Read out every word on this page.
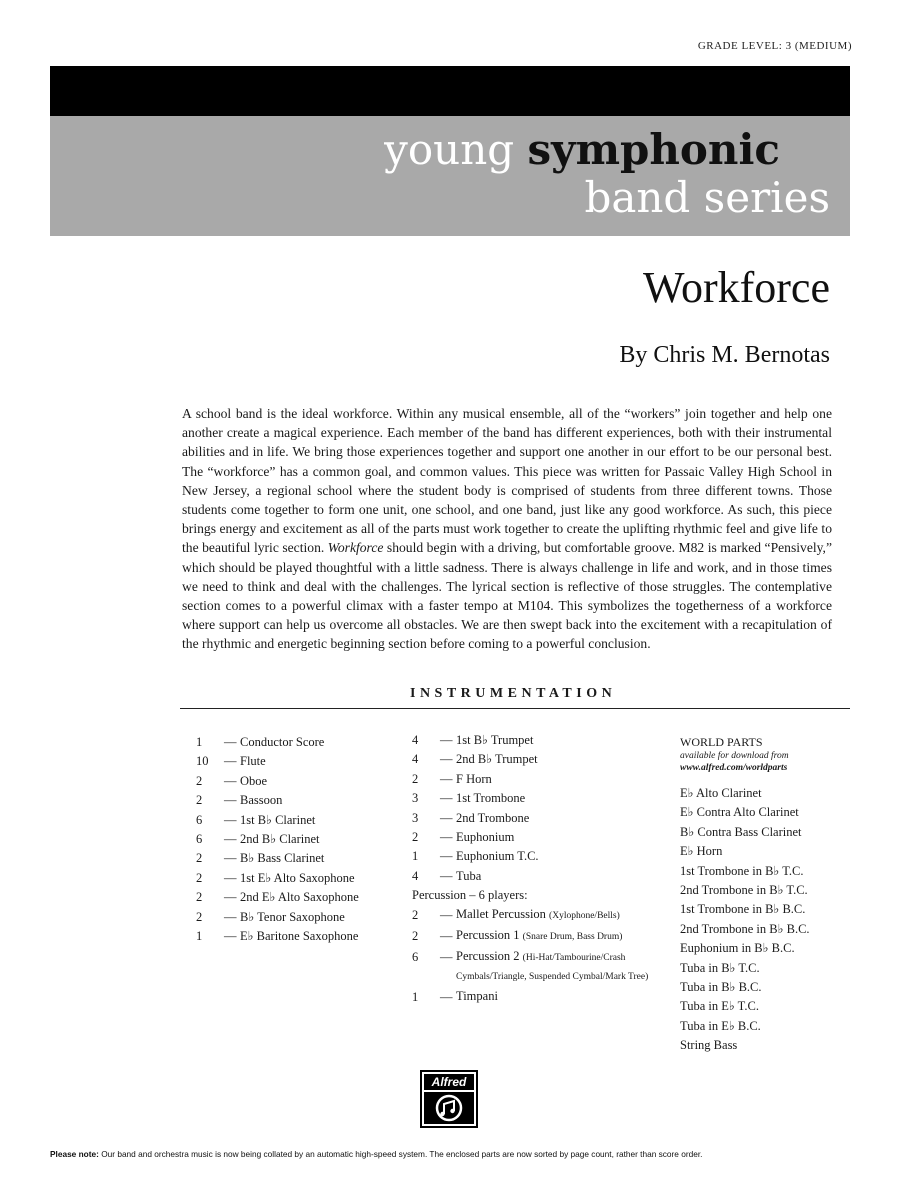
GRADE LEVEL: 3 (MEDIUM)
young symphonic
band series
Workforce
By Chris M. Bernotas
A school band is the ideal workforce. Within any musical ensemble, all of the “workers” join together and help one another create a magical experience. Each member of the band has different experiences, both with their instrumental abilities and in life. We bring those experiences together and support one another in our effort to be our personal best. The “workforce” has a common goal, and common values. This piece was written for Passaic Valley High School in New Jersey, a regional school where the student body is comprised of students from three different towns. Those students come together to form one unit, one school, and one band, just like any good workforce. As such, this piece brings energy and excitement as all of the parts must work together to create the uplifting rhythmic feel and give life to the beautiful lyric section. Workforce should begin with a driving, but comfortable groove. M82 is marked “Pensively,” which should be played thoughtful with a little sadness. There is always challenge in life and work, and in those times we need to think and deal with the challenges. The lyrical section is reflective of those struggles. The contemplative section comes to a powerful climax with a faster tempo at M104. This symbolizes the togetherness of a workforce where support can help us overcome all obstacles. We are then swept back into the excitement with a recapitulation of the rhythmic and energetic beginning section before coming to a powerful conclusion.
INSTRUMENTATION
1	— Conductor Score
10	— Flute
2	— Oboe
2	— Bassoon
6	— 1st B♭ Clarinet
6	— 2nd B♭ Clarinet
2	— B♭ Bass Clarinet
2	— 1st E♭ Alto Saxophone
2	— 2nd E♭ Alto Saxophone
2	— B♭ Tenor Saxophone
1	— E♭ Baritone Saxophone
4	— 1st B♭ Trumpet
4	— 2nd B♭ Trumpet
2	— F Horn
3	— 1st Trombone
3	— 2nd Trombone
2	— Euphonium
1	— Euphonium T.C.
4	— Tuba
Percussion – 6 players:
2	— Mallet Percussion (Xylophone/Bells)
2	— Percussion 1 (Snare Drum, Bass Drum)
6	— Percussion 2 (Hi-Hat/Tambourine/Crash Cymbals/Triangle, Suspended Cymbal/Mark Tree)
1	— Timpani
WORLD PARTS
available for download from
www.alfred.com/worldparts
E♭ Alto Clarinet
E♭ Contra Alto Clarinet
B♭ Contra Bass Clarinet
E♭ Horn
1st Trombone in B♭ T.C.
2nd Trombone in B♭ T.C.
1st Trombone in B♭ B.C.
2nd Trombone in B♭ B.C.
Euphonium in B♭ B.C.
Tuba in B♭ T.C.
Tuba in B♭ B.C.
Tuba in E♭ T.C.
Tuba in E♭ B.C.
String Bass
Alfred
Please note: Our band and orchestra music is now being collated by an automatic high-speed system. The enclosed parts are now sorted by page count, rather than score order.
